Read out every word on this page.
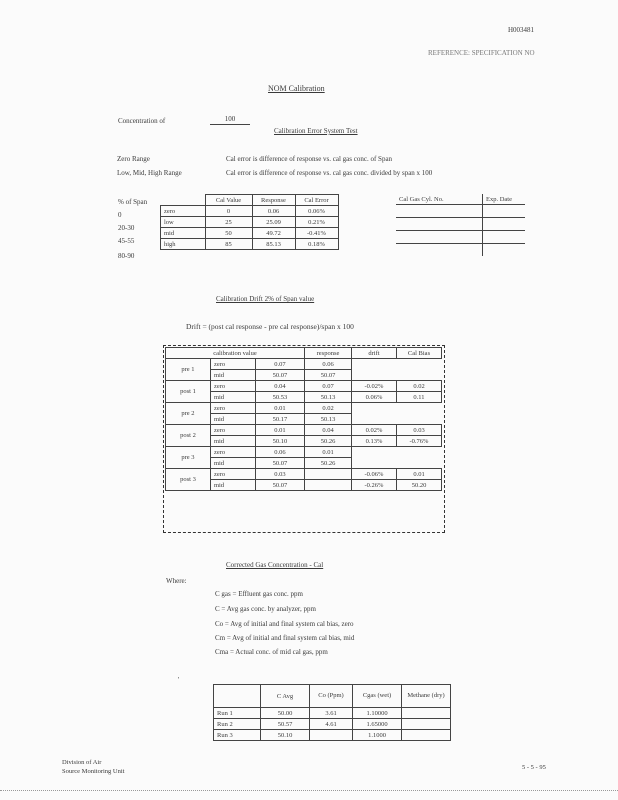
H003481
REFERENCE: SPECIFICATION NO
NOM Calibration
Concentration of	100
Calibration Error System Test
Zero Range	Cal error is difference of response vs. cal gas conc. of Span
Low, Mid, High Range	Cal error is difference of response vs. cal gas conc. divided by span x 100
% of Span
		Cal Value	Response	Cal Error
zero	0	0.06	0.06%
low	25	25.09	0.21%
mid	50	49.72	-0.41%
high	85	85.13	0.18%
0
20-30
45-55
80-90
Cal Gas Cyl. No.	Exp. Date

Calibration Drift 2% of Span value
Drift = (post cal response - pre cal response)/span x 100
calibration value			response	drift	Cal Bias
pre 1	zero	0.07	0.06		
	mid	50.07	50.07		
post 1	zero	0.04	0.07	-0.02%	0.02
	mid	50.53	50.13	0.06%	0.11
pre 2	zero	0.01	0.02		
	mid	50.17	50.13		
post 2	zero	0.01	0.04	0.02%	0.03
	mid	50.10	50.26	0.13%	-0.76%
pre 3	zero	0.06	0.01		
	mid	50.07	50.26		
post 3	zero	0.03		-0.06%	0.01
	mid	50.07		-0.26%	50.20
Corrected Gas Concentration - Cal
Where:
C gas = Effluent gas conc. ppm
C = Avg gas conc. by analyzer, ppm
Co = Avg of initial and final system cal bias, zero
Cm = Avg of initial and final system cal bias, mid
Cma = Actual conc. of mid cal gas, ppm
'
	C Avg	Co (Ppm)	Cgas (wet)	Methane (dry)
Run 1	50.00	3.61	1.10000	
Run 2	50.57	4.61	1.65000	
Run 3	50.10		1.1000	
Division of Air
Source Monitoring Unit
5 - 5 - 95
